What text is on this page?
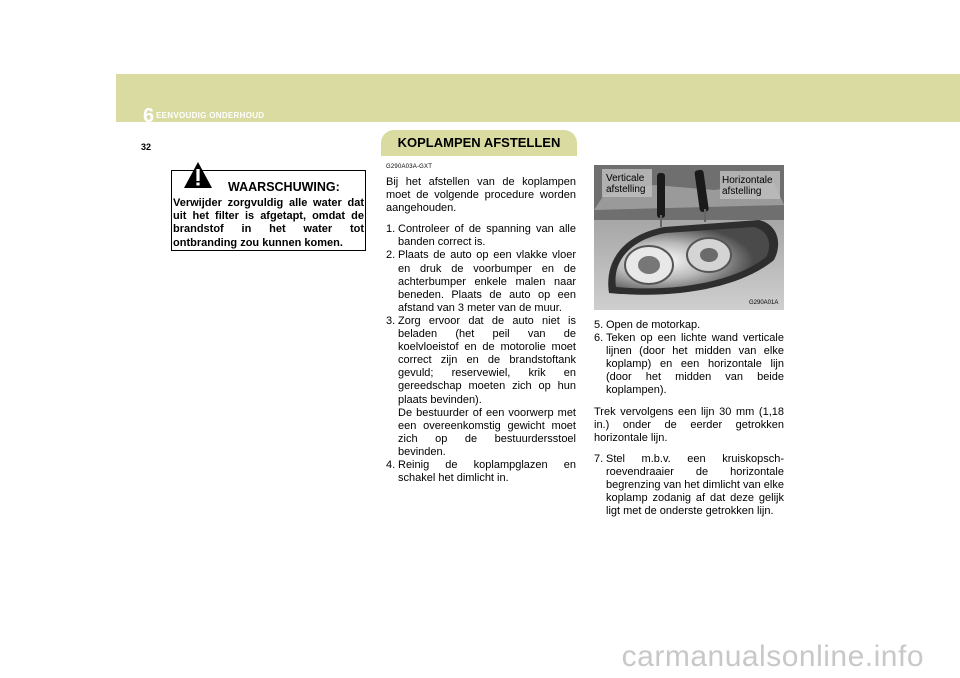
6 EENVOUDIG ONDERHOUD
32	KOPLAMPEN AFSTELLEN
WAARSCHUWING:
Verwijder zorgvuldig alle water dat uit het filter is afgetapt, omdat de brandstof in het water tot ontbranding zou kunnen komen.
G290A03A-GXT

Bij het afstellen van de koplampen moet de volgende procedure worden aangehouden.

1. Controleer of de spanning van alle banden correct is.
2. Plaats de auto op een vlakke vloer en druk de voorbumper en de achterbumper enkele malen naar beneden. Plaats de auto op een afstand van 3 meter van de muur.
3. Zorg ervoor dat de auto niet is beladen (het peil van de koelvloeistof en de motorolie moet correct zijn en de brandstoftank gevuld; reservewiel, krik en gereedschap moeten zich op hun plaats bevinden).
De bestuurder of een voorwerp met een overeenkomstig gewicht moet zich op de bestuurdersstoel bevinden.
4. Reinig de koplampglazen en schakel het dimlicht in.
Verticale afstelling
Horizontale afstelling
G290A01A
5. Open de motorkap.
6. Teken op een lichte wand verticale lijnen (door het midden van elke koplamp) en een horizontale lijn (door het midden van beide koplampen).

Trek vervolgens een lijn 30 mm (1,18 in.) onder de eerder getrokken horizontale lijn.

7. Stel m.b.v. een kruiskopsch-roevendraaier de horizontale begrenzing van het dimlicht van elke koplamp zodanig af dat deze gelijk ligt met de onderste getrokken lijn.
carmanualsonline.info
